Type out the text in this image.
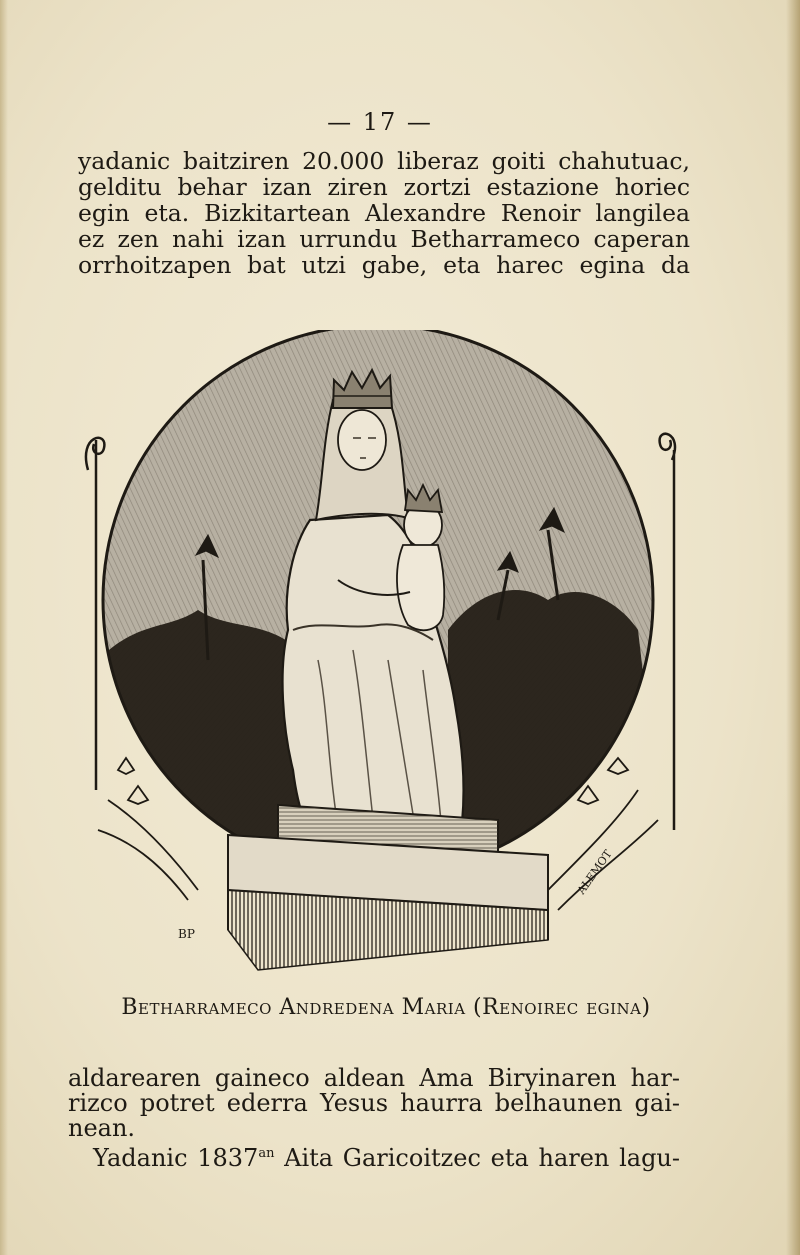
— 17 —
yadanic baitziren 20.000 liberaz goiti chahutuac,
gelditu behar izan ziren zortzi estazione horiec
egin eta. Bizkitartean Alexandre Renoir langilea
ez zen nahi izan urrundu Betharrameco caperan
orrhoitzapen bat utzi gabe, eta harec egina da
BP
ALEMOT
Betharrameco Andredena Maria (Renoirec egina)
aldarearen gaineco aldean Ama Biryinaren har-
rizco potret ederra Yesus haurra belhaunen gai-
nean.
Yadanic $1837^{an}$ Aita Garicoitzec eta haren lagu-
